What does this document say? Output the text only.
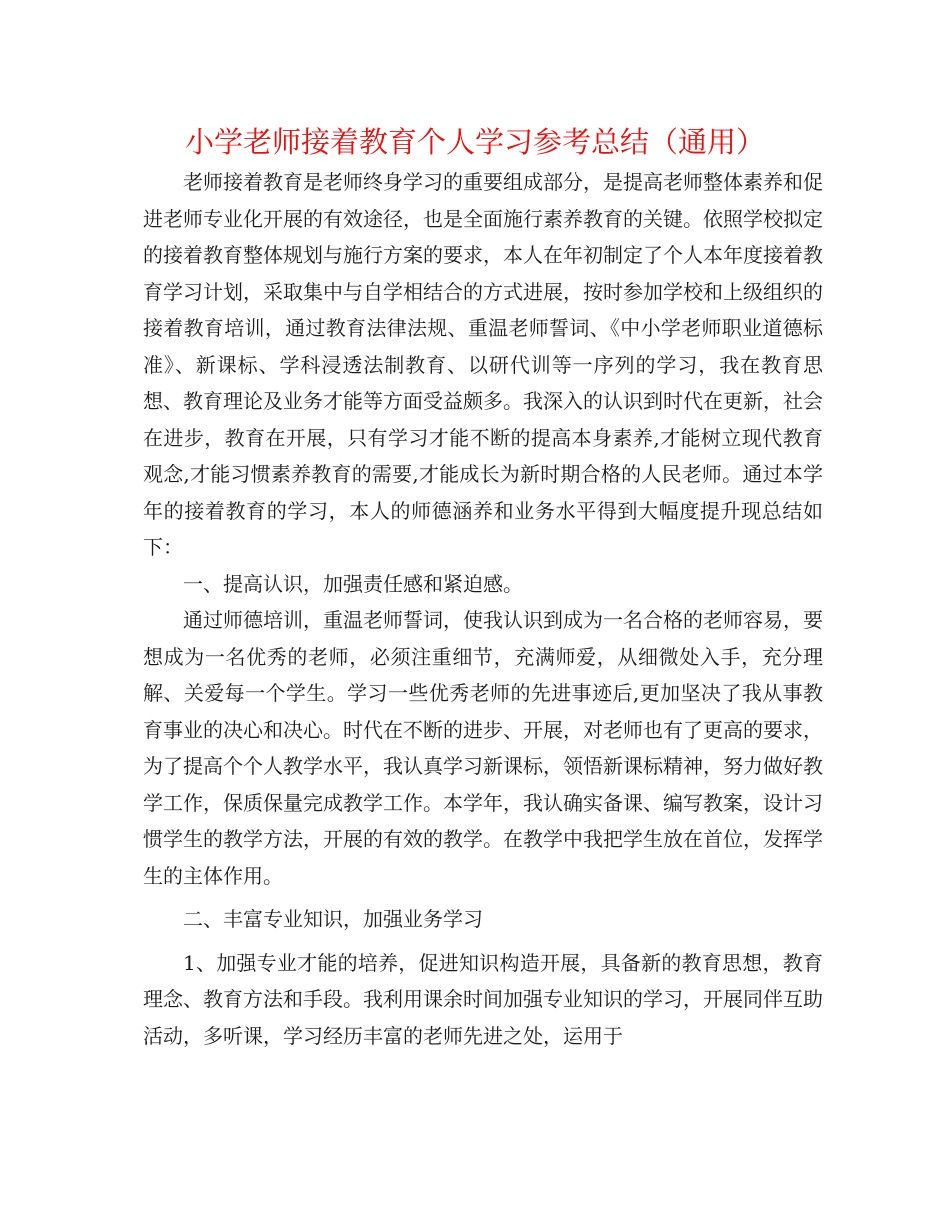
小学老师接着教育个人学习参考总结（通用）

老师接着教育是老师终身学习的重要组成部分，是提高老师整体素养和促进老师专业化开展的有效途径，也是全面施行素养教育的关键。依照学校拟定的接着教育整体规划与施行方案的要求，本人在年初制定了个人本年度接着教育学习计划，采取集中与自学相结合的方式进展，按时参加学校和上级组织的接着教育培训，通过教育法律法规、重温老师誓词、《中小学老师职业道德标准》、新课标、学科浸透法制教育、以研代训等一序列的学习，我在教育思想、教育理论及业务才能等方面受益颇多。我深入的认识到时代在更新，社会在进步，教育在开展，只有学习才能不断的提高本身素养,才能树立现代教育观念,才能习惯素养教育的需要,才能成长为新时期合格的人民老师。通过本学年的接着教育的学习，本人的师德涵养和业务水平得到大幅度提升现总结如下：

一、提高认识，加强责任感和紧迫感。

通过师德培训，重温老师誓词，使我认识到成为一名合格的老师容易，要想成为一名优秀的老师，必须注重细节，充满师爱，从细微处入手，充分理解、关爱每一个学生。学习一些优秀老师的先进事迹后,更加坚决了我从事教育事业的决心和决心。时代在不断的进步、开展，对老师也有了更高的要求，为了提高个个人教学水平，我认真学习新课标，领悟新课标精神，努力做好教学工作，保质保量完成教学工作。本学年，我认确实备课、编写教案，设计习惯学生的教学方法，开展的有效的教学。在教学中我把学生放在首位，发挥学生的主体作用。

二、丰富专业知识，加强业务学习

1、加强专业才能的培养，促进知识构造开展，具备新的教育思想，教育理念、教育方法和手段。我利用课余时间加强专业知识的学习，开展同伴互助活动，多听课，学习经历丰富的老师先进之处，运用于
